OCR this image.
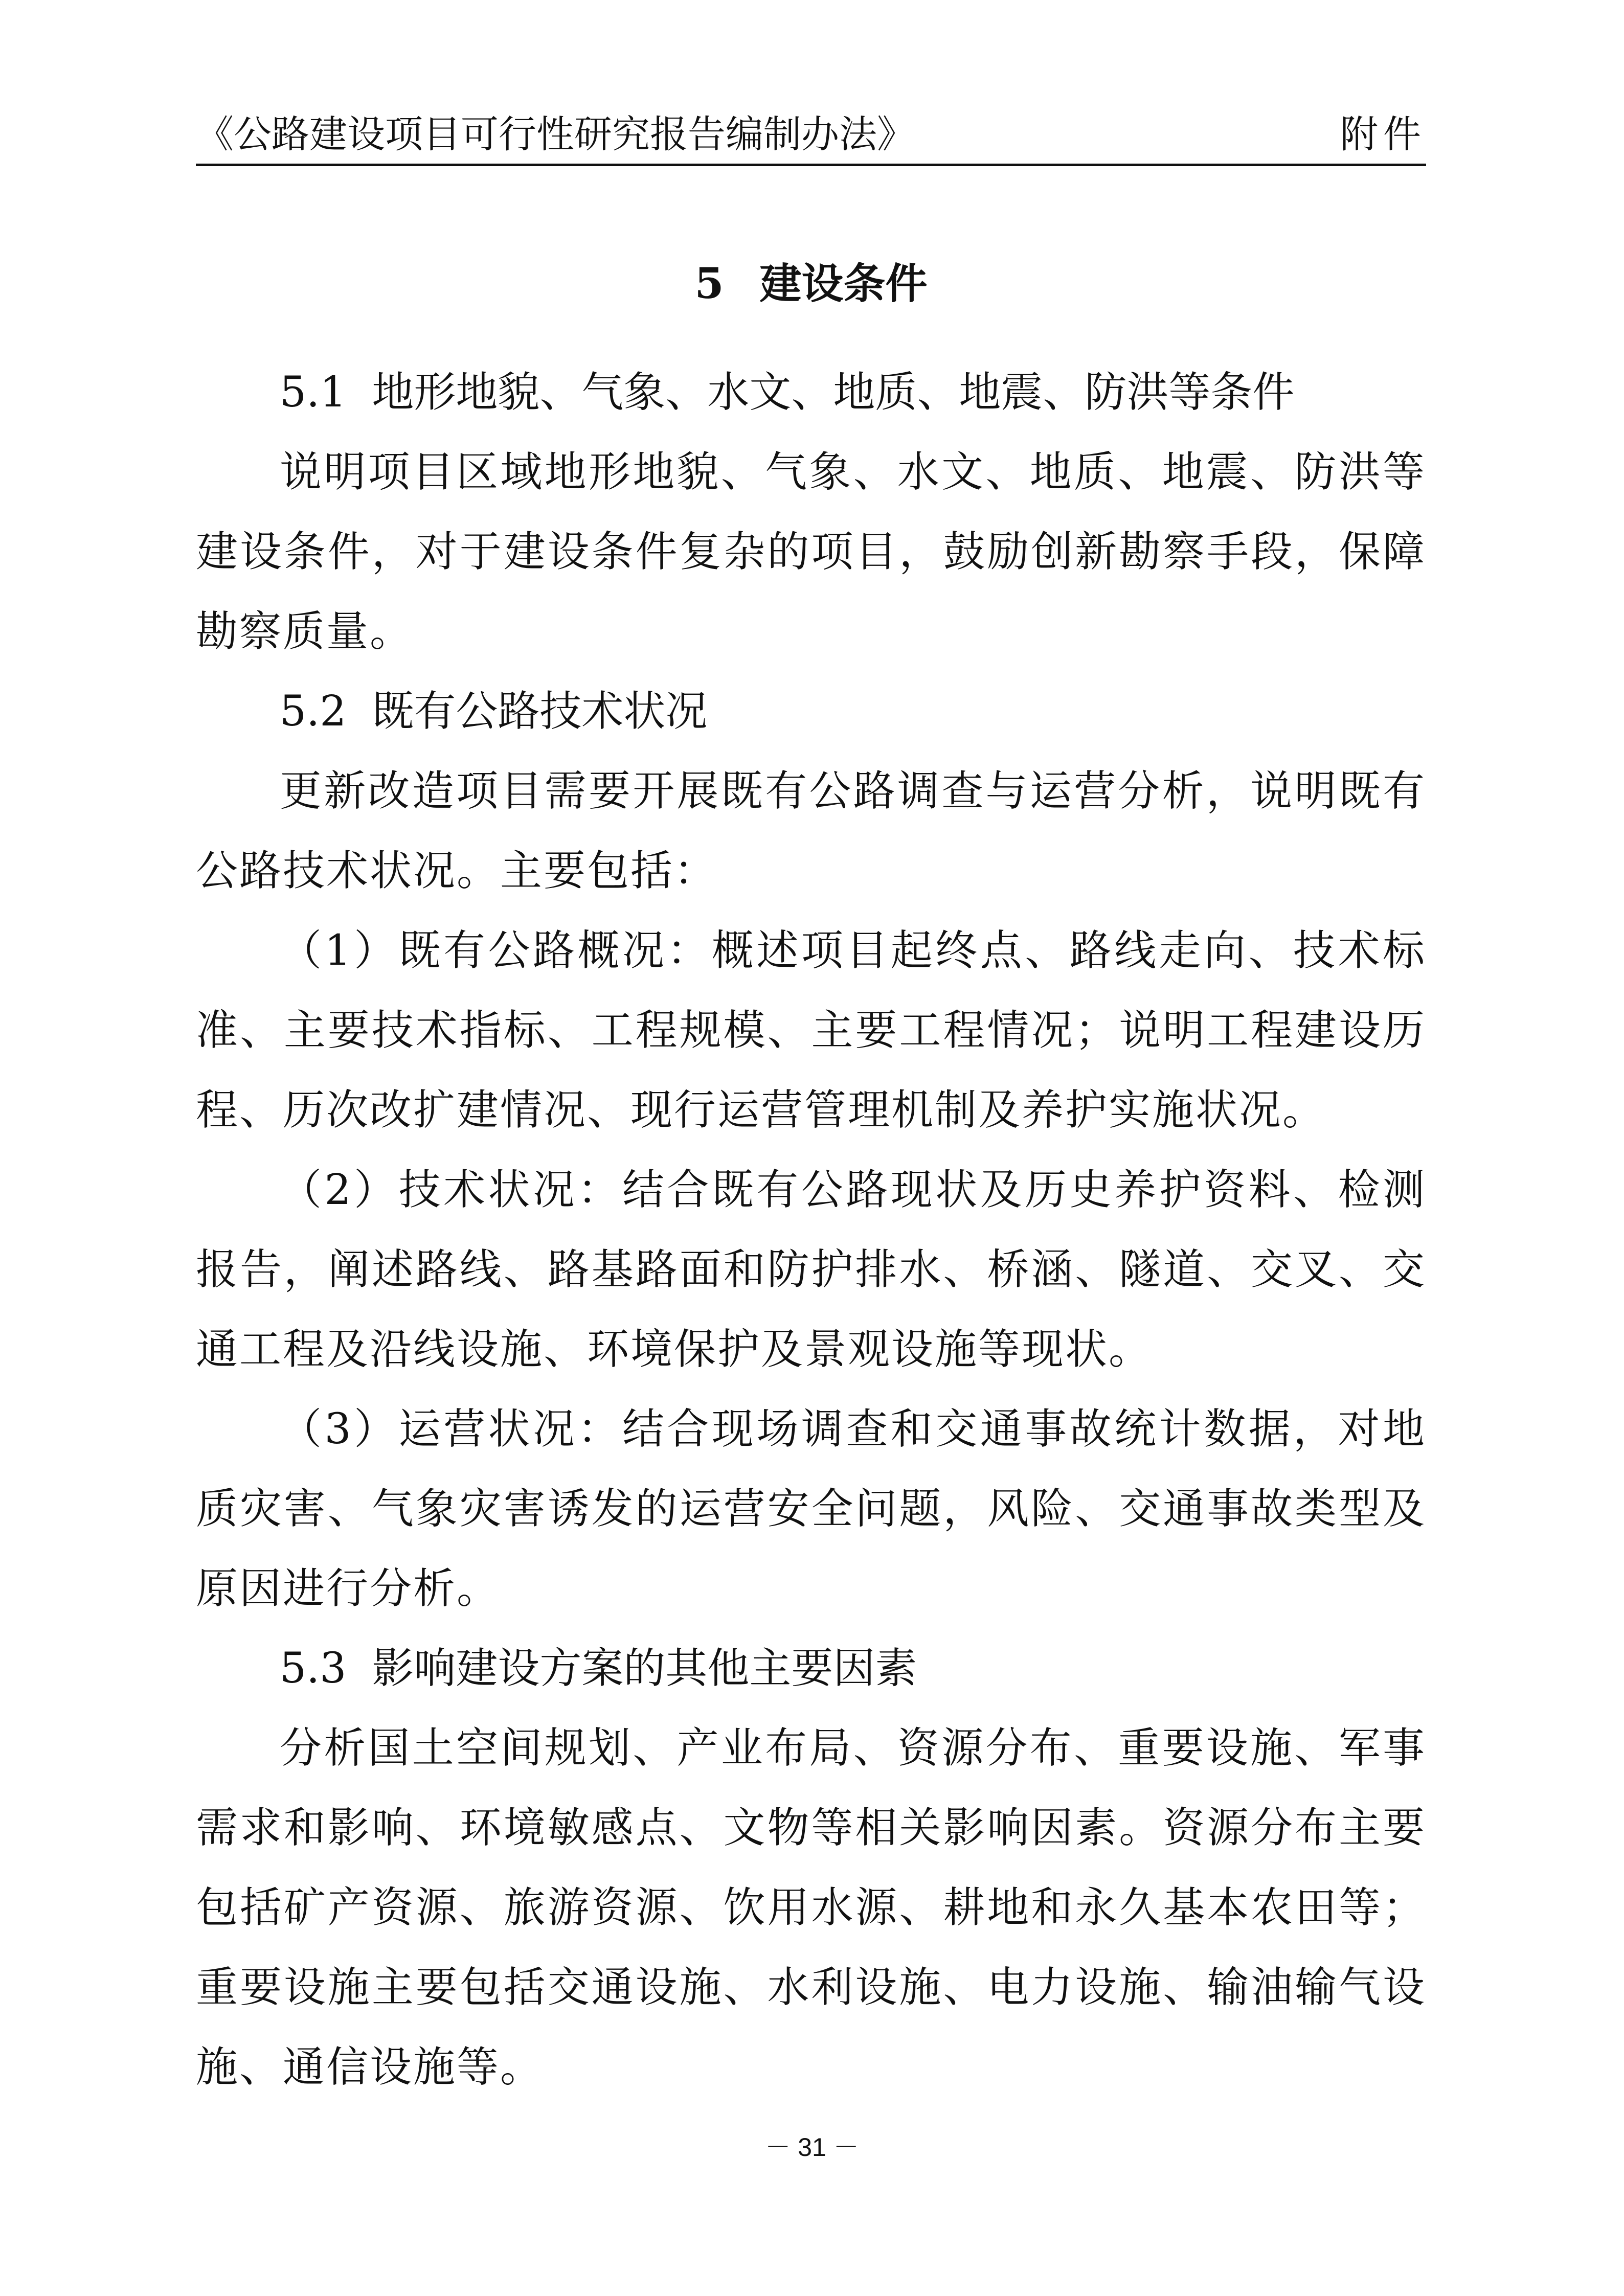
《公路建设项目可行性研究报告编制办法》	附件
5 建设条件
5.1 地形地貌、气象、水文、地质、地震、防洪等条件

说明项目区域地形地貌、气象、水文、地质、地震、防洪等建设条件，对于建设条件复杂的项目，鼓励创新勘察手段，保障勘察质量。

5.2 既有公路技术状况

更新改造项目需要开展既有公路调查与运营分析，说明既有公路技术状况。主要包括：

（1）既有公路概况：概述项目起终点、路线走向、技术标准、主要技术指标、工程规模、主要工程情况；说明工程建设历程、历次改扩建情况、现行运营管理机制及养护实施状况。

（2）技术状况：结合既有公路现状及历史养护资料、检测报告，阐述路线、路基路面和防护排水、桥涵、隧道、交叉、交通工程及沿线设施、环境保护及景观设施等现状。

（3）运营状况：结合现场调查和交通事故统计数据，对地质灾害、气象灾害诱发的运营安全问题，风险、交通事故类型及原因进行分析。

5.3 影响建设方案的其他主要因素

分析国土空间规划、产业布局、资源分布、重要设施、军事需求和影响、环境敏感点、文物等相关影响因素。资源分布主要包括矿产资源、旅游资源、饮用水源、耕地和永久基本农田等；重要设施主要包括交通设施、水利设施、电力设施、输油输气设施、通信设施等。

－ 31 －
